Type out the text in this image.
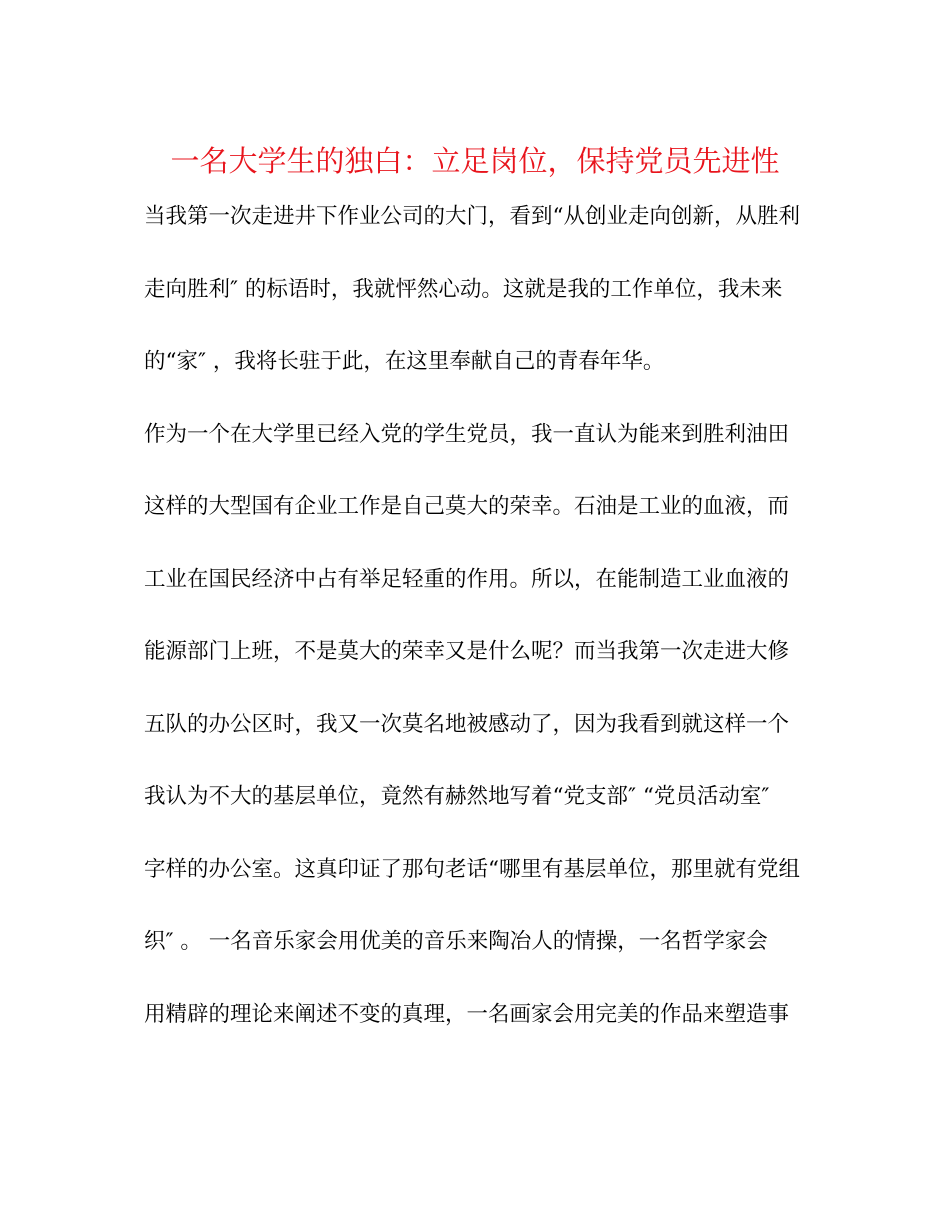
一名大学生的独白：立足岗位，保持党员先进性
当我第一次走进井下作业公司的大门，看到“从创业走向创新，从胜利
走向胜利″ 的标语时，我就怦然心动。这就是我的工作单位，我未来
的“家″ ，我将长驻于此，在这里奉献自己的青春年华。
作为一个在大学里已经入党的学生党员，我一直认为能来到胜利油田
这样的大型国有企业工作是自己莫大的荣幸。石油是工业的血液，而
工业在国民经济中占有举足轻重的作用。所以，在能制造工业血液的
能源部门上班，不是莫大的荣幸又是什么呢？而当我第一次走进大修
五队的办公区时，我又一次莫名地被感动了，因为我看到就这样一个
我认为不大的基层单位，竟然有赫然地写着“党支部″ “党员活动室″
字样的办公室。这真印证了那句老话“哪里有基层单位，那里就有党组
织″ 。 一名音乐家会用优美的音乐来陶冶人的情操，一名哲学家会
用精辟的理论来阐述不变的真理，一名画家会用完美的作品来塑造事
